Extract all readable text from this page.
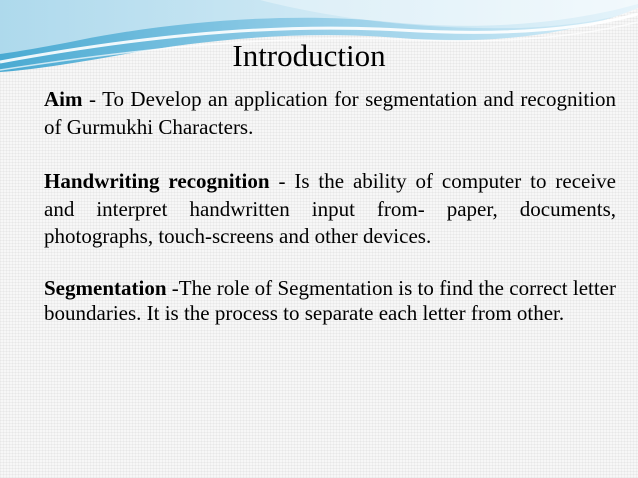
Introduction
Aim - To Develop an application for segmentation and recognition of Gurmukhi Characters.
Handwriting recognition - Is the ability of computer to receive and interpret handwritten input from- paper, documents, photographs, touch-screens and other devices.
Segmentation -The role of Segmentation is to find the correct letter boundaries. It is the process to separate each letter from other.
